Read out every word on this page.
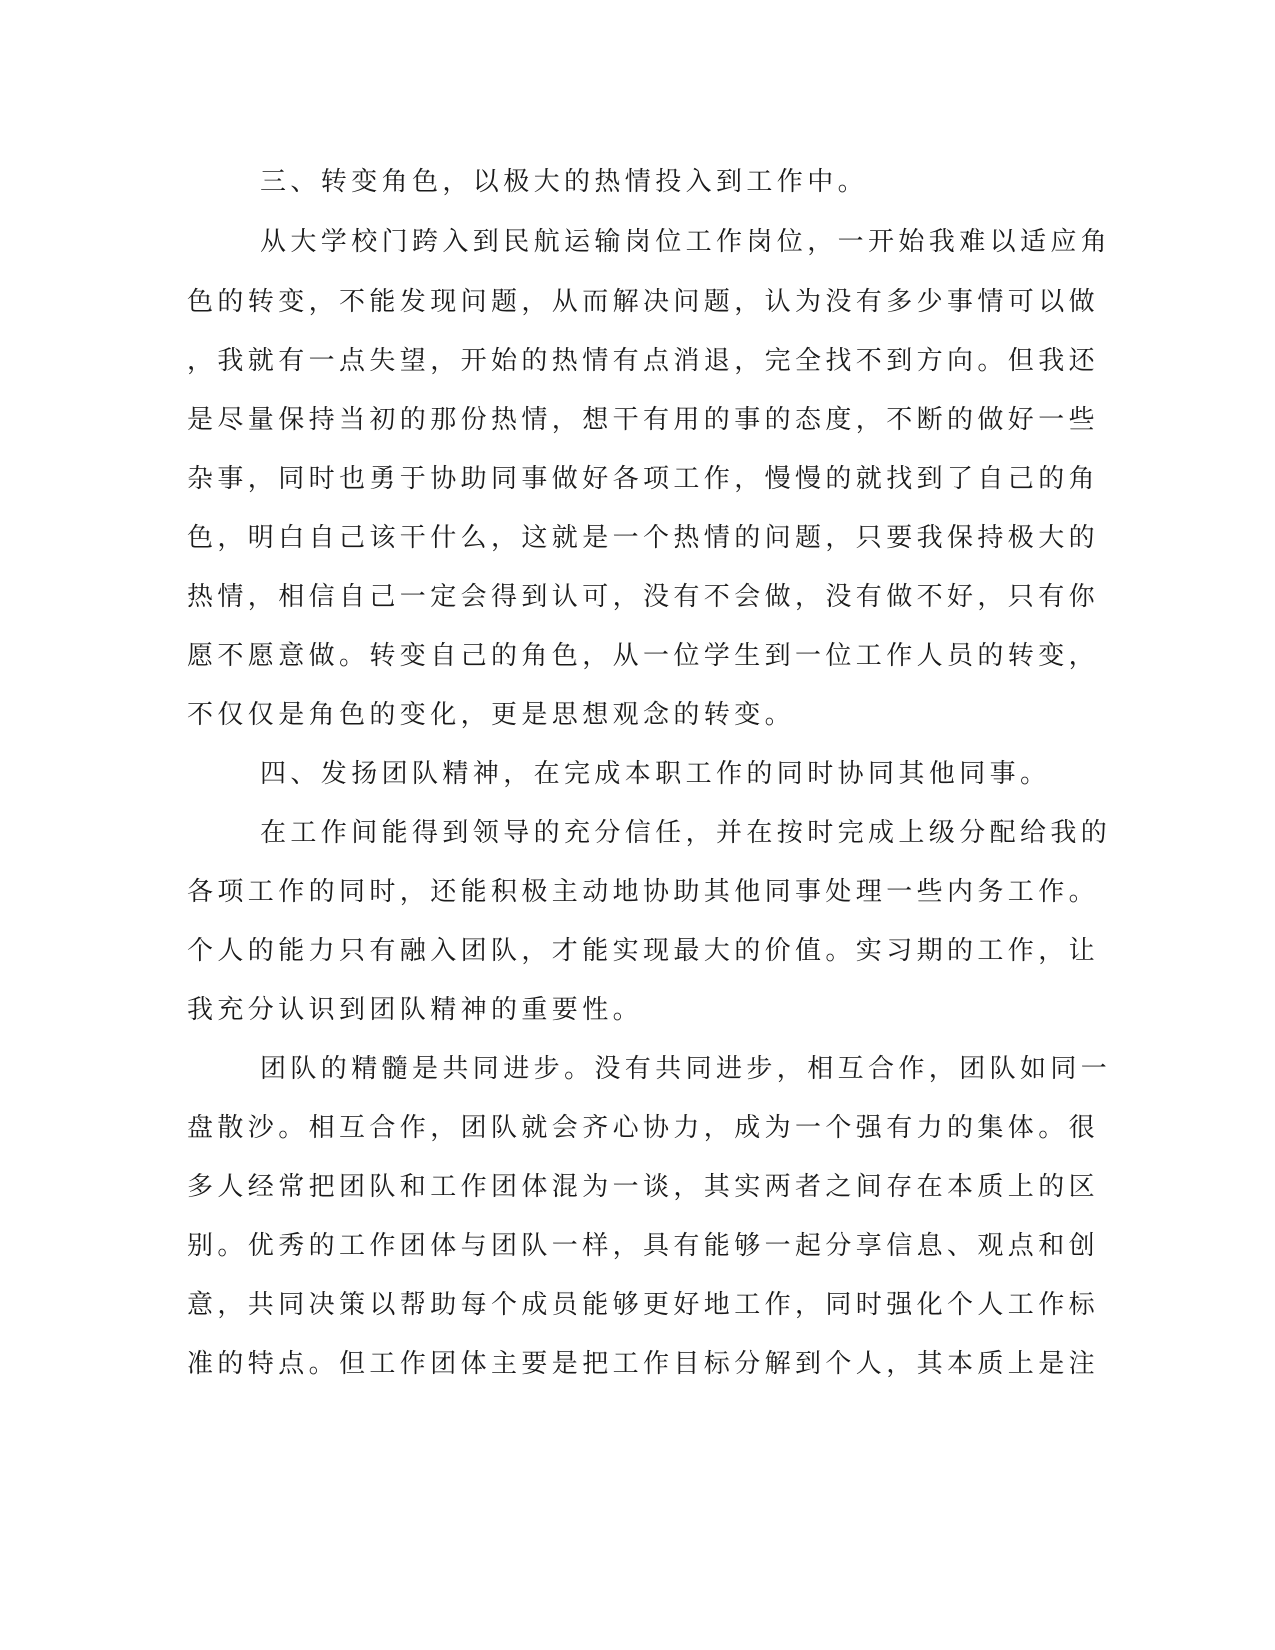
三、转变角色，以极大的热情投入到工作中。
从大学校门跨入到民航运输岗位工作岗位，一开始我难以适应角
色的转变，不能发现问题，从而解决问题，认为没有多少事情可以做
，我就有一点失望，开始的热情有点消退，完全找不到方向。但我还
是尽量保持当初的那份热情，想干有用的事的态度，不断的做好一些
杂事，同时也勇于协助同事做好各项工作，慢慢的就找到了自己的角
色，明白自己该干什么，这就是一个热情的问题，只要我保持极大的
热情，相信自己一定会得到认可，没有不会做，没有做不好，只有你
愿不愿意做。转变自己的角色，从一位学生到一位工作人员的转变，
不仅仅是角色的变化，更是思想观念的转变。
四、发扬团队精神，在完成本职工作的同时协同其他同事。
在工作间能得到领导的充分信任，并在按时完成上级分配给我的
各项工作的同时，还能积极主动地协助其他同事处理一些内务工作。
个人的能力只有融入团队，才能实现最大的价值。实习期的工作，让
我充分认识到团队精神的重要性。
团队的精髓是共同进步。没有共同进步，相互合作，团队如同一
盘散沙。相互合作，团队就会齐心协力，成为一个强有力的集体。很
多人经常把团队和工作团体混为一谈，其实两者之间存在本质上的区
别。优秀的工作团体与团队一样，具有能够一起分享信息、观点和创
意，共同决策以帮助每个成员能够更好地工作，同时强化个人工作标
准的特点。但工作团体主要是把工作目标分解到个人，其本质上是注
